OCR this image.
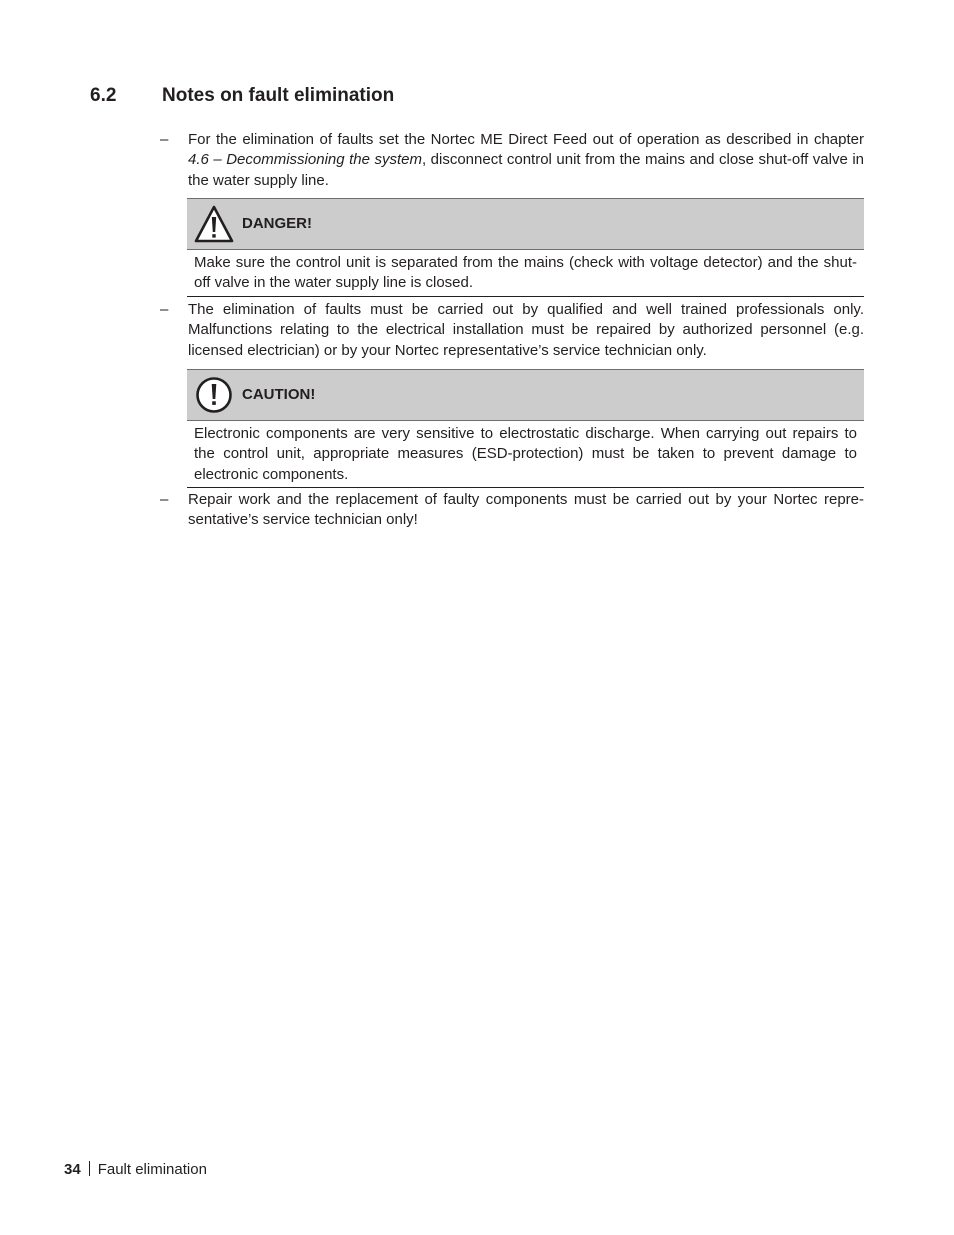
6.2 Notes on fault elimination
–	For the elimination of faults set the Nortec ME Direct Feed out of operation as described in chapter 4.6 – Decommissioning the system, disconnect control unit from the mains and close shut-off valve in the water supply line.
DANGER!
Make sure the control unit is separated from the mains (check with voltage detector) and the shut-off valve in the water supply line is closed.
–	The elimination of faults must be carried out by qualified and well trained professionals only. Malfunctions relating to the electrical installation must be repaired by authorized personnel (e.g. licensed electrician) or by your Nortec representative’s service technician only.
CAUTION!
Electronic components are very sensitive to electrostatic discharge. When carrying out repairs to the control unit, appropriate measures (ESD-protection) must be taken to prevent damage to electronic components.
–	Repair work and the replacement of faulty components must be carried out by your Nortec repre-sentative’s service technician only!
34 Fault elimination
